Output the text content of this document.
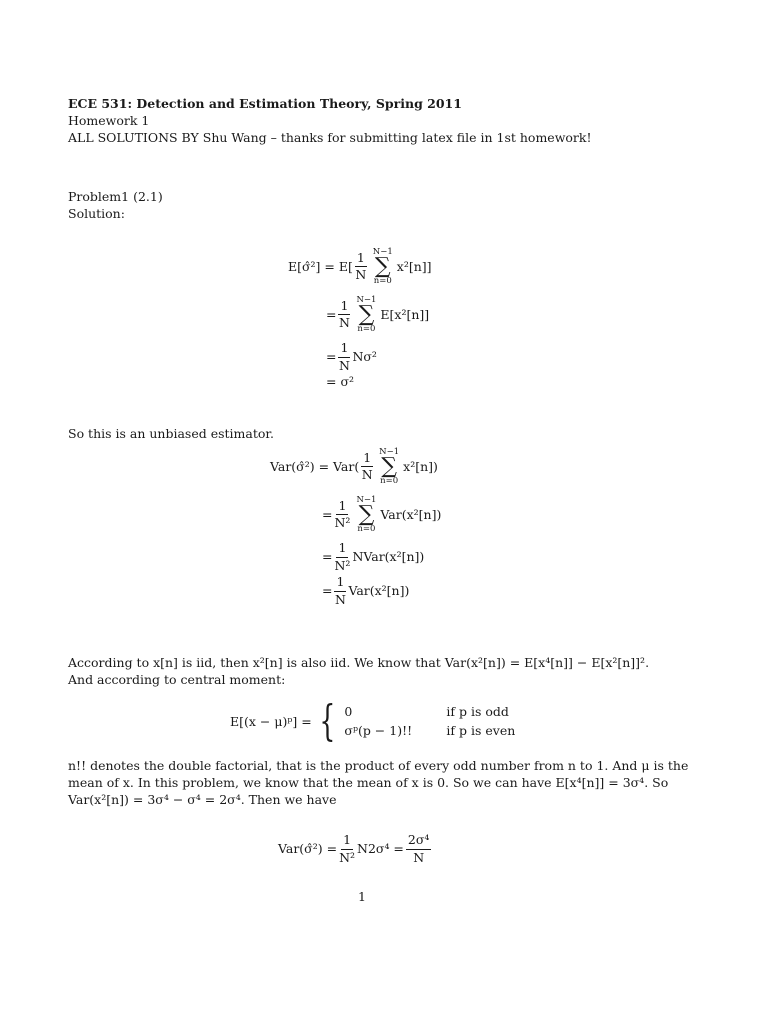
ECE 531: Detection and Estimation Theory, Spring 2011
Homework 1
ALL SOLUTIONS BY Shu Wang – thanks for submitting latex file in 1st homework!
Problem1 (2.1)
Solution:
E[σ̂²] = $E[ \frac{1}{N} N-1$
∑
n=0
x²[n]]
= $\frac{1}{N} N-1$
∑
n=0
E[x²[n]]
= $\frac{1}{N} N\sigma^2$
= σ²
So this is an unbiased estimator.
Var(σ̂²) = $Var( \frac{1}{N} N-1$
∑
n=0
x²[n])
= $\frac{1}{\text{N²}} N-1$
∑
n=0
Var(x²[n])
= $\frac{1}{\text{N²}}$ NVar(x²[n])
= $\frac{1}{N} Var(x^2[n])$
According to x[n] is iid, then x²[n] is also iid. We know that Var(x²[n]) = E[x⁴[n]] − E[x²[n]]².
And according to central moment:
E[(x − μ)ᵖ] = { 0	if p is odd
σᵖ(p − 1)!!	if p is even
n!! denotes the double factorial, that is the product of every odd number from n to 1. And μ is the
mean of x. In this problem, we know that the mean of x is 0. So we can have E[x⁴[n]] = 3σ⁴. So
Var(x²[n]) = 3σ⁴ − σ⁴ = 2σ⁴. Then we have
Var(σ̂²) = $\frac{1}{\text{N²}} N2\sigma^4 = \frac{\text{2σ⁴}}{N}$
1
